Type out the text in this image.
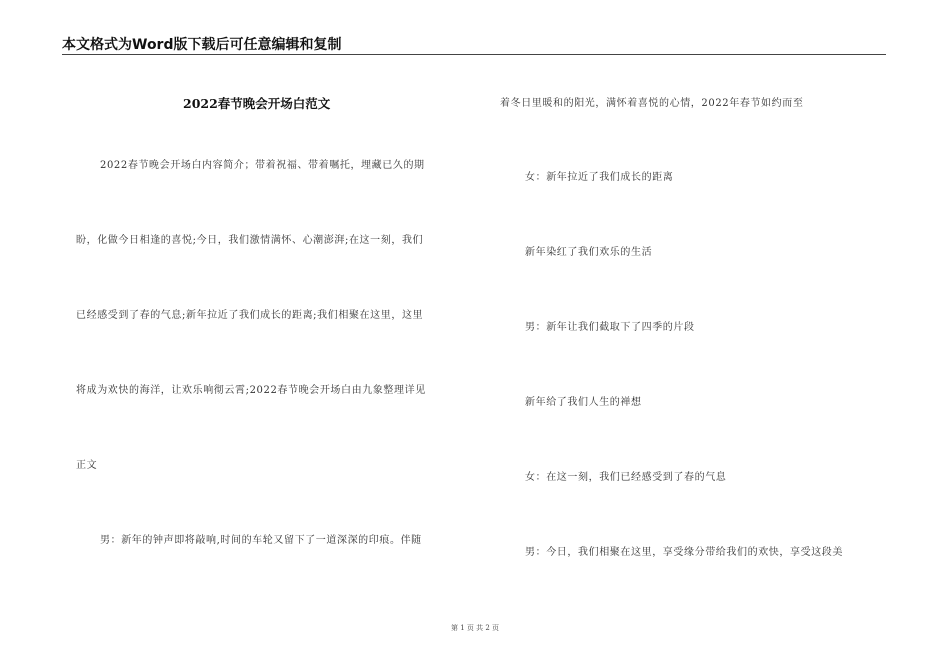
本文格式为Word版下载后可任意编辑和复制
2022春节晚会开场白范文
2022春节晚会开场白内容简介；带着祝福、带着嘱托，埋藏已久的期
盼，化做今日相逢的喜悦;今日，我们激情满怀、心潮澎湃;在这一刻，我们
已经感受到了春的气息;新年拉近了我们成长的距离;我们相聚在这里，这里
将成为欢快的海洋，让欢乐响彻云霄;2022春节晚会开场白由九象整理详见
正文
男：新年的钟声即将敲响,时间的车轮又留下了一道深深的印痕。伴随
着冬日里暖和的阳光，满怀着喜悦的心情，2022年春节如约而至
女：新年拉近了我们成长的距离
新年染红了我们欢乐的生活
男：新年让我们截取下了四季的片段
新年给了我们人生的禅想
女：在这一刻，我们已经感受到了春的气息
男：今日，我们相聚在这里，享受缘分带给我们的欢快，享受这段美
第 1 页 共 2 页
